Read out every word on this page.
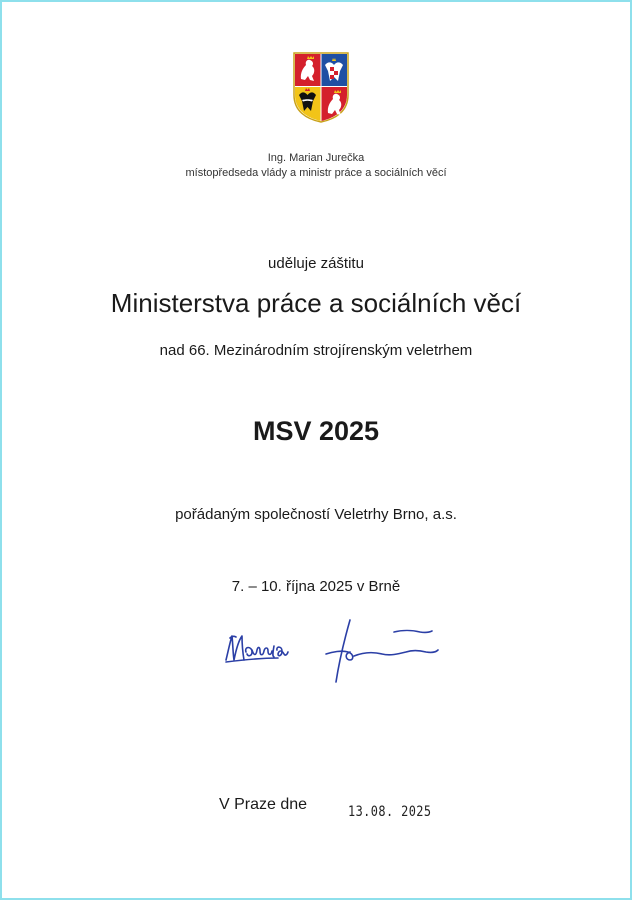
Ing. Marian Jurečka
místopředseda vlády a ministr práce a sociálních věcí
uděluje záštitu
Ministerstva práce a sociálních věcí
nad 66. Mezinárodním strojírenským veletrhem
MSV 2025
pořádaným společností Veletrhy Brno, a.s.
7. – 10. října 2025 v Brně
V Praze dne	13.08. 2025
